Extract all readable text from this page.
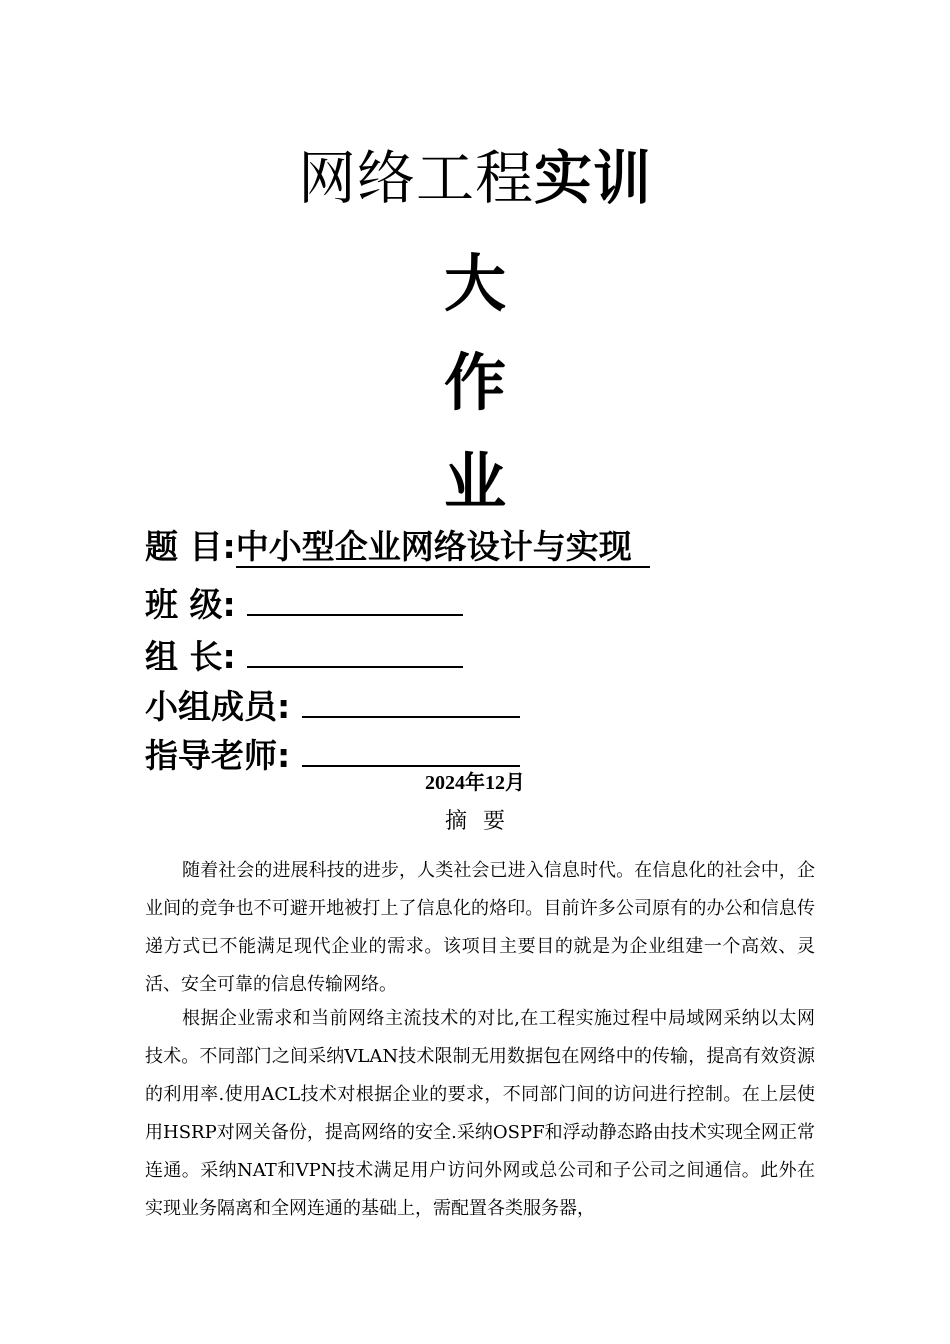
网络工程实训
大
作
业
题 目:中小型企业网络设计与实现
班 级:
组 长:
小组成员:
指导老师:
2024年12月
摘要

随着社会的进展科技的进步，人类社会已进入信息时代。在信息化的社会中，企业间的竞争也不可避开地被打上了信息化的烙印。目前许多公司原有的办公和信息传递方式已不能满足现代企业的需求。该项目主要目的就是为企业组建一个高效、灵活、安全可靠的信息传输网络。

根据企业需求和当前网络主流技术的对比,在工程实施过程中局域网采纳以太网技术。不同部门之间采纳VLAN技术限制无用数据包在网络中的传输，提高有效资源的利用率.使用ACL技术对根据企业的要求，不同部门间的访问进行控制。在上层使用HSRP对网关备份，提高网络的安全.采纳OSPF和浮动静态路由技术实现全网正常连通。采纳NAT和VPN技术满足用户访问外网或总公司和子公司之间通信。此外在实现业务隔离和全网连通的基础上，需配置各类服务器，
